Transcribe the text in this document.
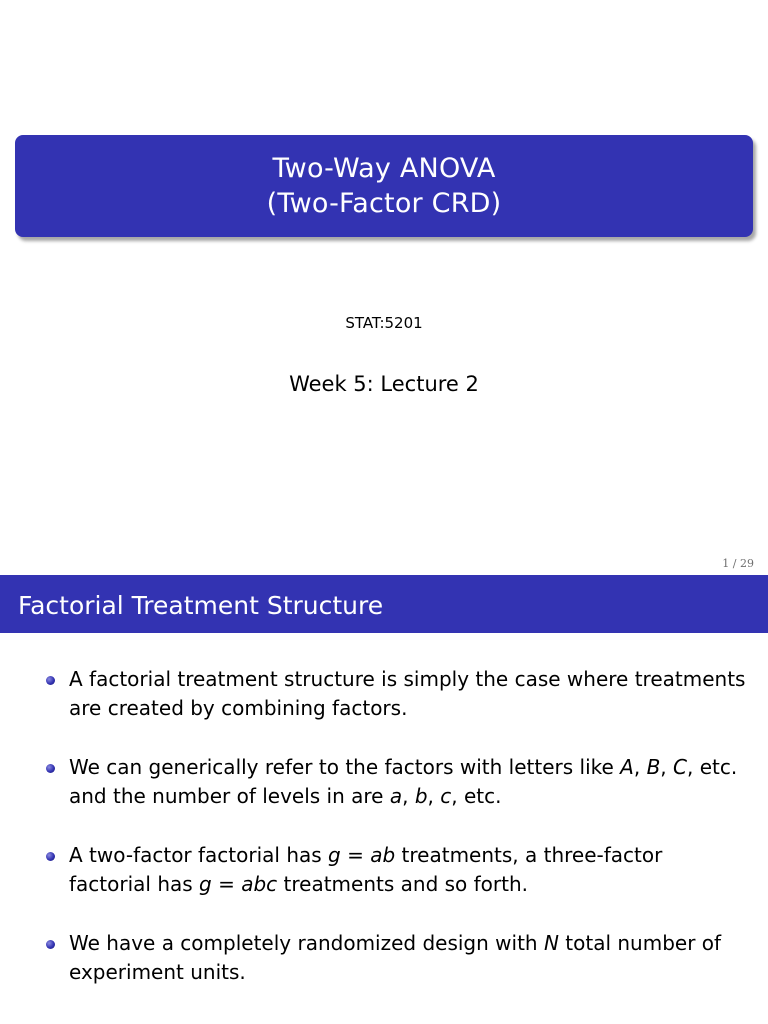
Two-Way ANOVA
(Two-Factor CRD)
STAT:5201
Week 5: Lecture 2
1 / 29
Factorial Treatment Structure
A factorial treatment structure is simply the case where treatments are created by combining factors.
We can generically refer to the factors with letters like A, B, C, etc. and the number of levels in are a, b, c, etc.
A two-factor factorial has g = ab treatments, a three-factor factorial has g = abc treatments and so forth.
We have a completely randomized design with N total number of experiment units.
